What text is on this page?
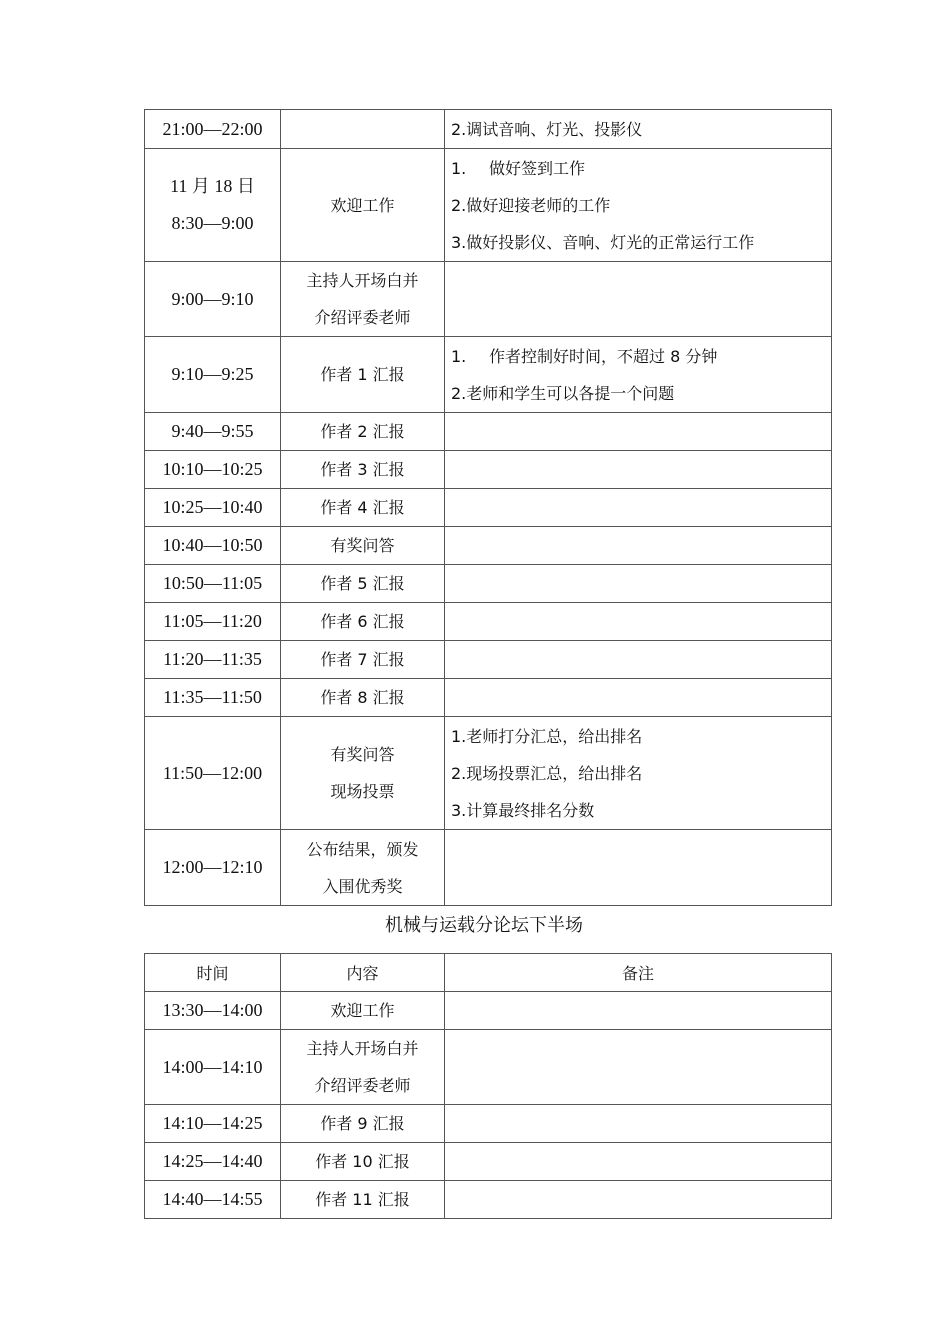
21:00—22:00		2.调试音响、灯光、投影仪

11 月 18 日
8:30—9:00	欢迎工作	1. 做好签到工作
2.做好迎接老师的工作
3.做好投影仪、音响、灯光的正常运行工作

9:00—9:10	主持人开场白并
介绍评委老师	

9:10—9:25	作者 1 汇报	1. 作者控制好时间，不超过 8 分钟
2.老师和学生可以各提一个问题

9:40—9:55	作者 2 汇报	

10:10—10:25	作者 3 汇报	

10:25—10:40	作者 4 汇报	

10:40—10:50	有奖问答	

10:50—11:05	作者 5 汇报	

11:05—11:20	作者 6 汇报	

11:20—11:35	作者 7 汇报	

11:35—11:50	作者 8 汇报	

11:50—12:00	有奖问答
现场投票	1.老师打分汇总，给出排名
2.现场投票汇总，给出排名
3.计算最终排名分数

12:00—12:10	公布结果，颁发
入围优秀奖	

机械与运载分论坛下半场
时间	内容	备注

13:30—14:00	欢迎工作	

14:00—14:10	主持人开场白并
介绍评委老师	

14:10—14:25	作者 9 汇报	

14:25—14:40	作者 10 汇报	

14:40—14:55	作者 11 汇报	
